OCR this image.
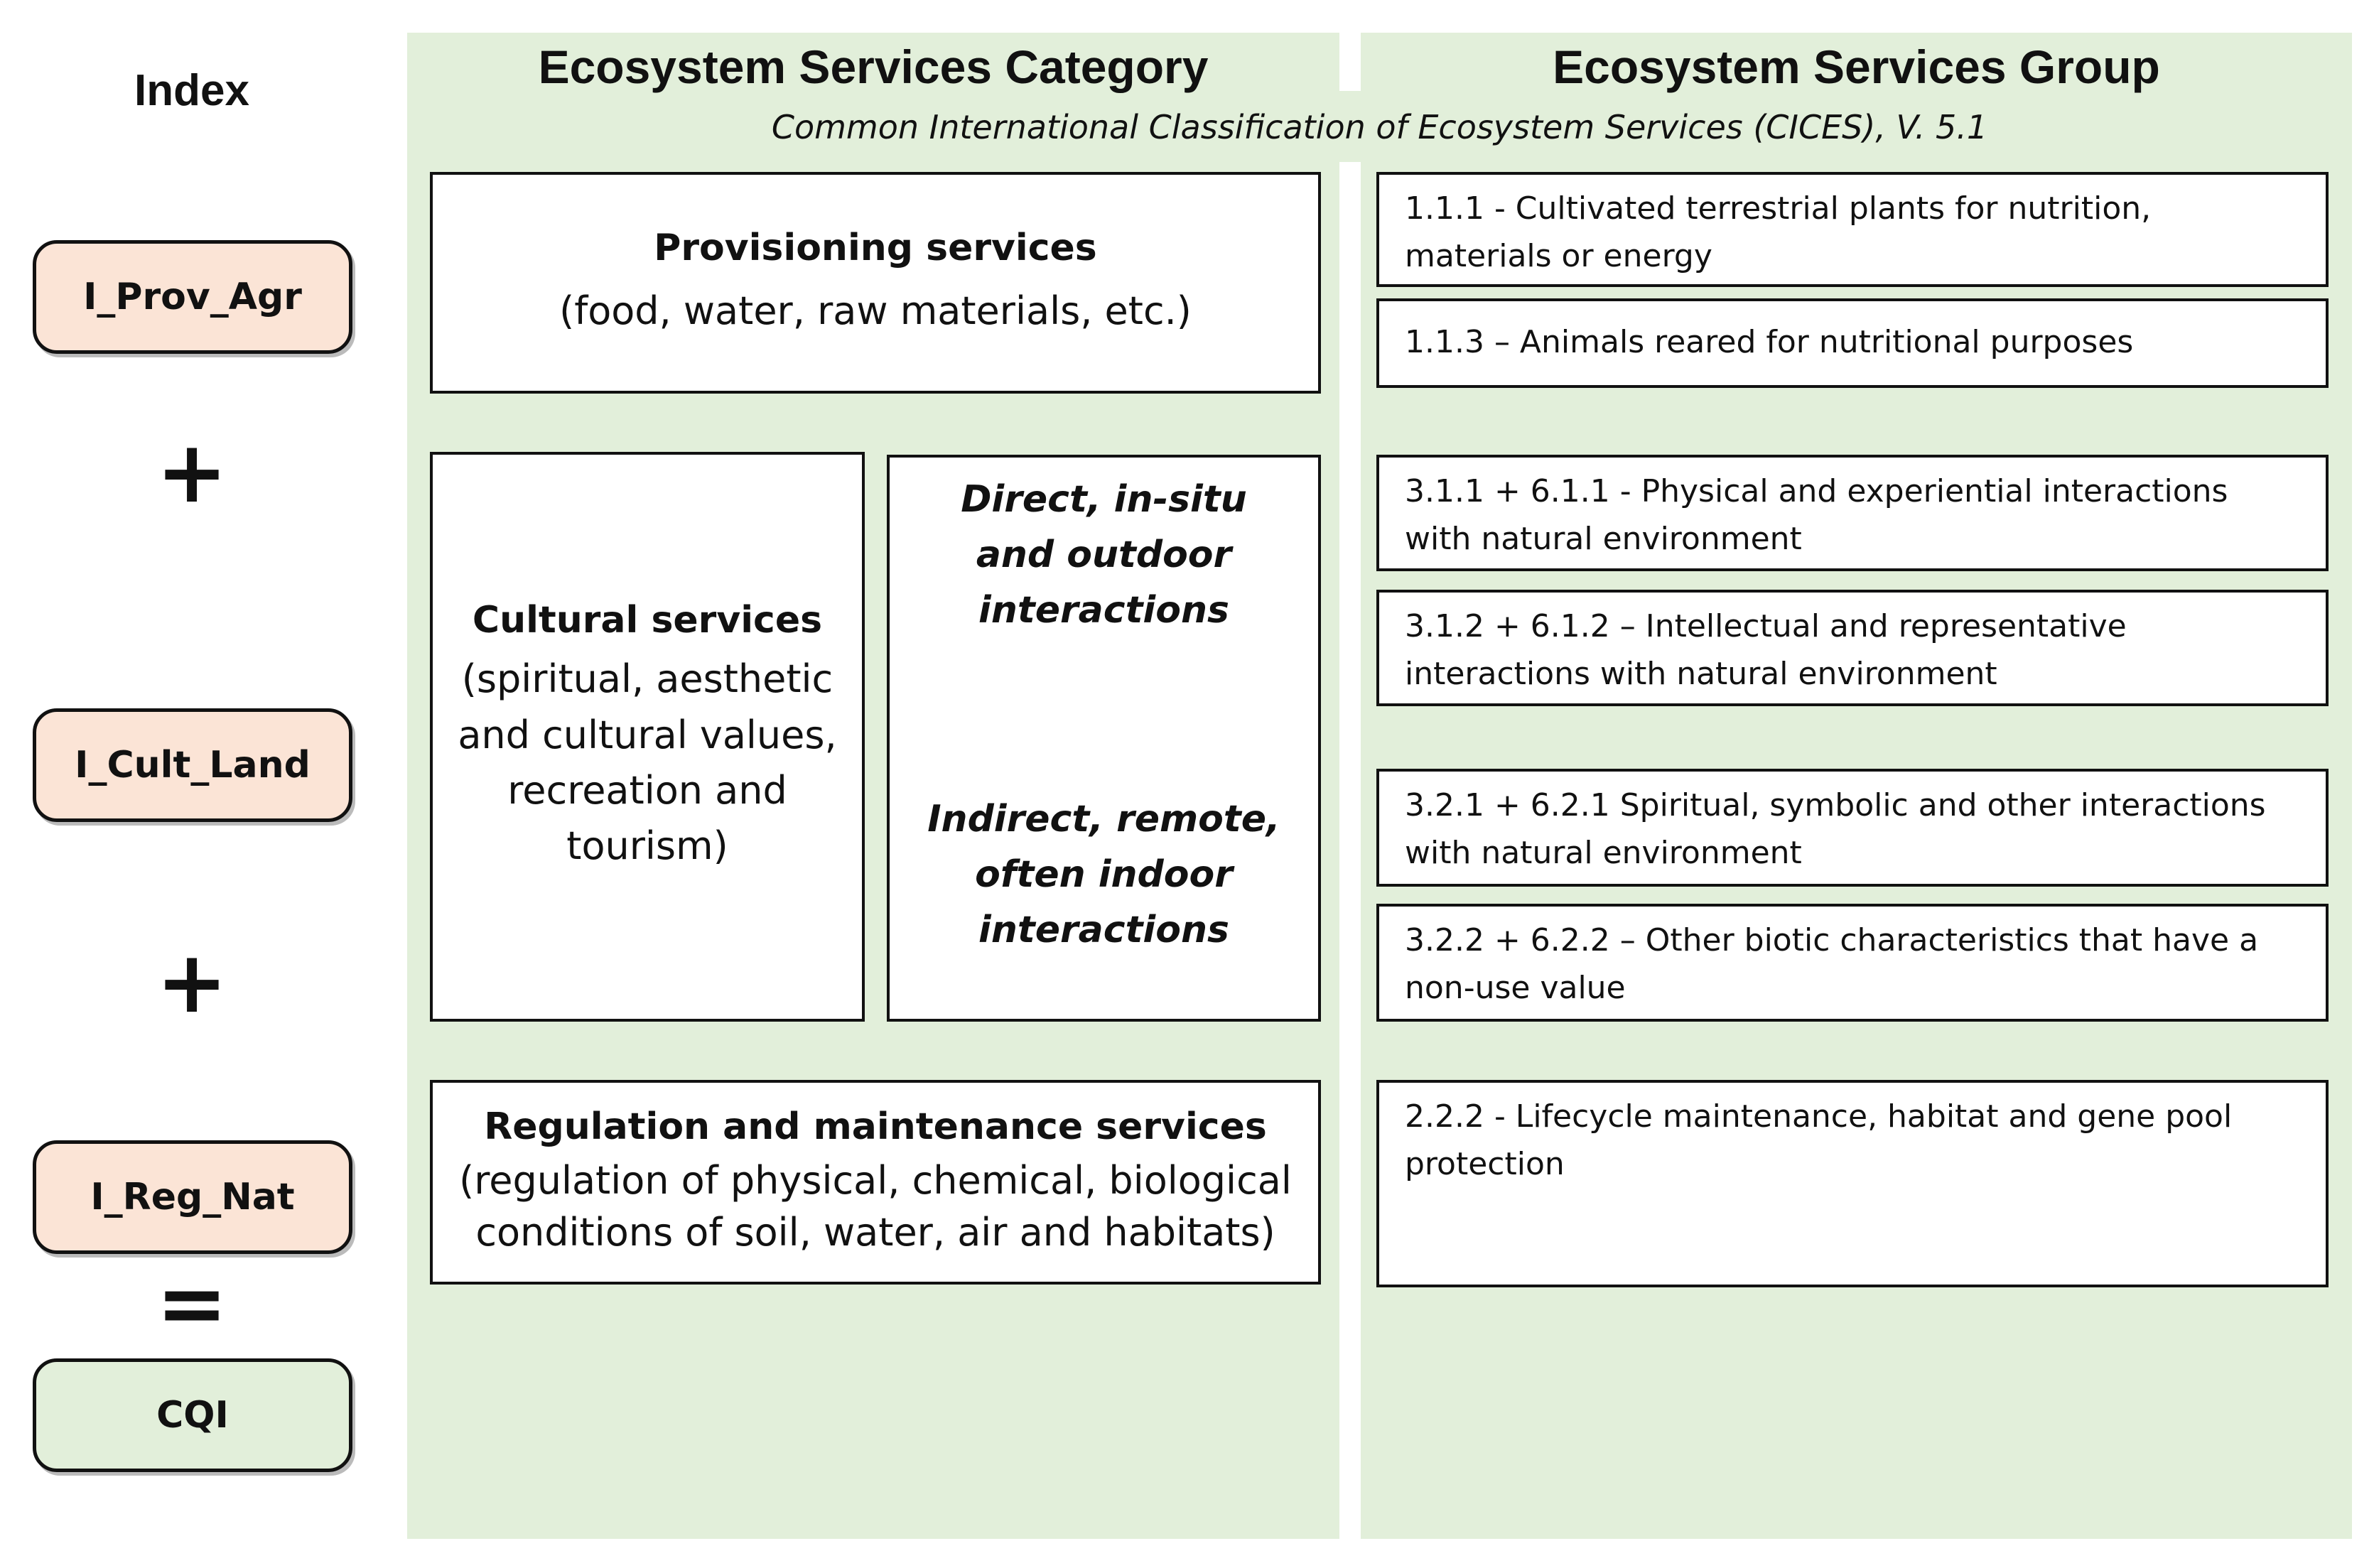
Index	Ecosystem Services Category	Ecosystem Services Group
Common International Classification of Ecosystem Services (CICES), V. 5.1
I_Prov_Agr
+
I_Cult_Land
+
I_Reg_Nat
=
CQI
Provisioning services
(food, water, raw materials, etc.)
Cultural services
(spiritual, aesthetic and cultural values, recreation and tourism)
Direct, in-situ and outdoor interactions
Indirect, remote, often indoor interactions
Regulation and maintenance services
(regulation of physical, chemical, biological conditions of soil, water, air and habitats)
1.1.1 - Cultivated terrestrial plants for nutrition, materials or energy
1.1.3 – Animals reared for nutritional purposes
3.1.1 + 6.1.1 - Physical and experiential interactions with natural environment
3.1.2 + 6.1.2 – Intellectual and representative interactions with natural environment
3.2.1 + 6.2.1 Spiritual, symbolic and other interactions with natural environment
3.2.2 + 6.2.2 – Other biotic characteristics that have a non-use value
2.2.2 - Lifecycle maintenance, habitat and gene pool protection
